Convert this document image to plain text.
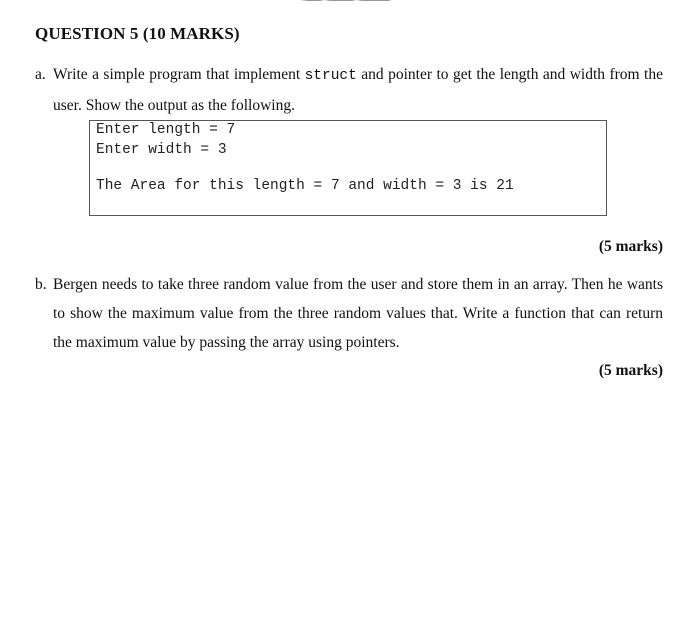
QUESTION 5 (10 MARKS)
a. Write a simple program that implement struct and pointer to get the length and width from the user. Show the output as the following.
Enter length = 7
Enter width = 3
The Area for this length = 7 and width = 3 is 21
(5 marks)
b. Bergen needs to take three random value from the user and store them in an array. Then he wants to show the maximum value from the three random values that. Write a function that can return the maximum value by passing the array using pointers.
(5 marks)
